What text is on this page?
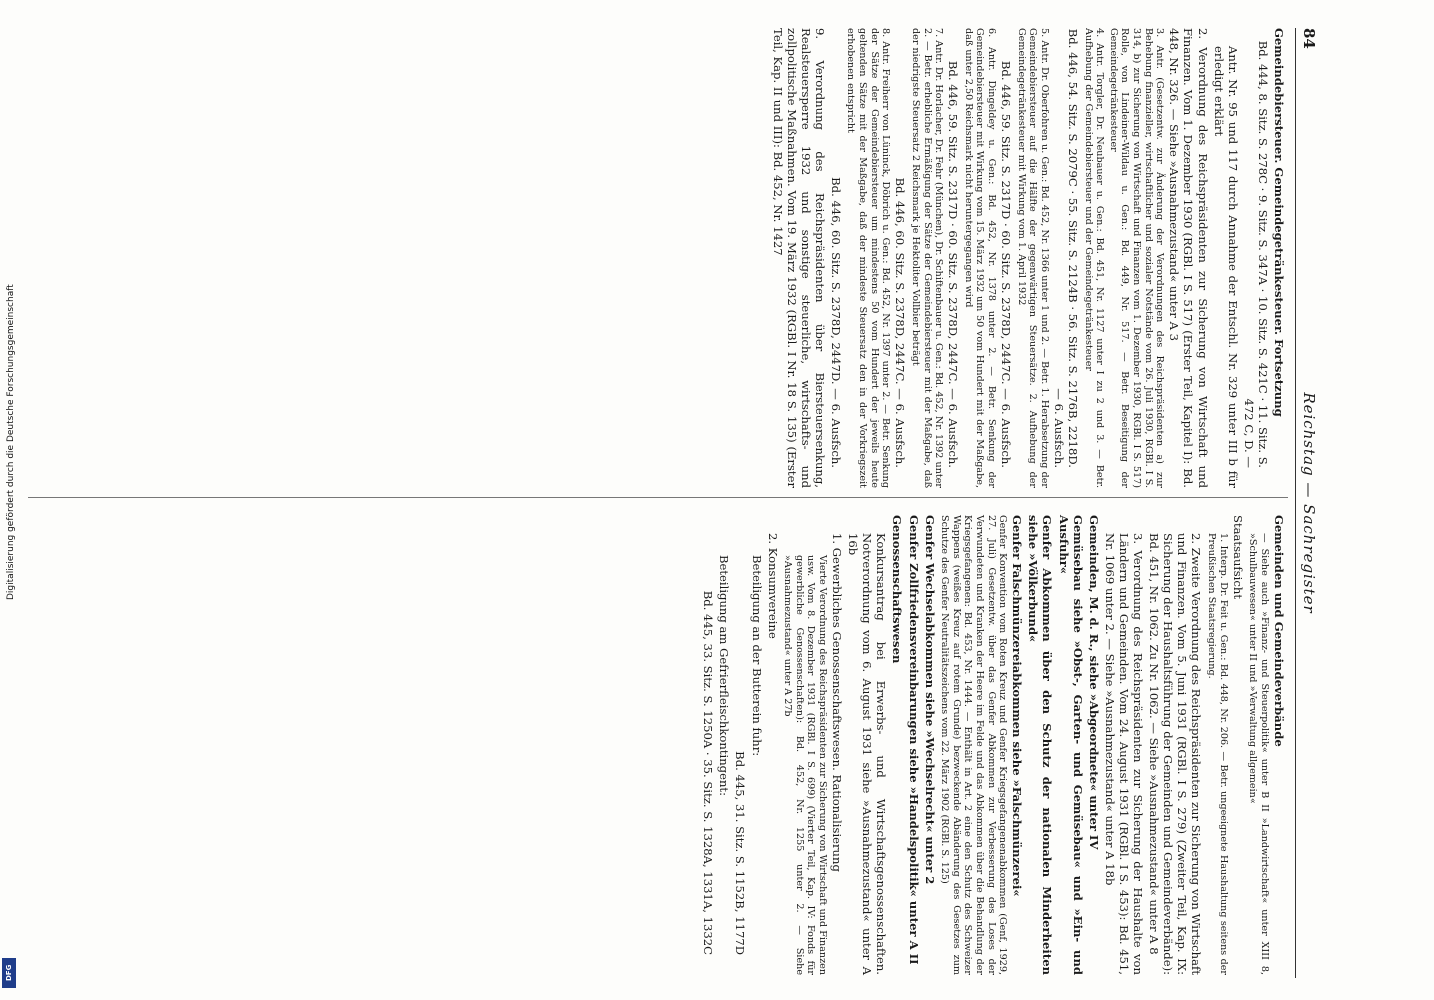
84
Reichstag — Sachregister

Gemeindebiersteuer. Gemeindegetränkesteuer. Fortsetzung

Bd. 444, 8. Sitz. S. 278C · 9. Sitz. S. 347A · 10. Sitz. S. 421C · 11. Sitz. S. 472 C, D. —

Antr. Nr. 95 und 117 durch Annahme der Entschl. Nr. 329 unter III b für erledigt erklärt

2. Verordnung des Reichspräsidenten zur Sicherung von Wirtschaft und Finanzen. Vom 1. Dezember 1930 (RGBl. I S. 517) (Erster Teil, Kapitel I): Bd. 448, Nr. 326. — Siehe »Ausnahmezustand« unter A 3

3. Antr. (Gesetzentw. zur Änderung der Verordnungen des Reichspräsidenten a) zur Behebung finanzieller, wirtschaftlicher und sozialer Notstände vom 26. Juli 1930, RGBl. I S. 314, b) zur Sicherung von Wirtschaft und Finanzen vom 1. Dezember 1930, RGBl. I S. 517) Rolle, von Lindeiner-Wildau u. Gen.: Bd. 449, Nr. 517. — Betr. Beseitigung der Gemeindegetränkesteuer

4. Antr. Torgler, Dr. Neubauer u. Gen.: Bd. 451, Nr. 1127 unter I zu 2 und 3. — Betr. Aufhebung der Gemeindebiersteuer und der Gemeindegetränkesteuer

Bd. 446, 54. Sitz. S. 2079C · 55. Sitz. S. 2124B · 56. Sitz. S. 2176B, 2218D. — 6. Ausfsch.

5. Antr. Dr. Oberfohren u. Gen.: Bd. 452, Nr. 1366 unter 1 und 2. — Betr. 1. Herabsetzung der Gemeindebiersteuer auf die Hälfte der gegenwärtigen Steuersätze. 2. Aufhebung der Gemeindegetränkesteuer mit Wirkung vom 1. April 1932

Bd. 446, 59. Sitz. S. 2317D · 60. Sitz. S. 2378D, 2447C. — 6. Ausfsch.

6. Antr. Dingeldey u. Gen.: Bd. 452, Nr. 1378 unter 2. — Betr. Senkung der Gemeindebiersteuer mit Wirkung vom 15. März 1932 um 50 vom Hundert mit der Maßgabe, daß unter 2,50 Reichsmark nicht heruntergegangen wird

Bd. 446, 59. Sitz. S. 2317D · 60. Sitz. S. 2378D, 2447C. — 6. Ausfsch.

7. Antr. Dr. Horlacher, Dr. Fehr (München), Dr. Schiftenbauer u. Gen.: Bd. 452, Nr. 1392 unter 2. — Betr. erhebliche Ermäßigung der Sätze der Gemeindebiersteuer mit der Maßgabe, daß der niedrigste Steuersatz 2 Reichsmark je Hektoliter Vollbier beträgt

Bd. 446, 60. Sitz. S. 2378D, 2447C. — 6. Ausfsch.

8. Antr. Freiherr von Lüninck, Döbrich u. Gen.: Bd. 452, Nr. 1397 unter 2. — Betr. Senkung der Sätze der Gemeindebiersteuer um mindestens 50 vom Hundert der jeweils heute geltenden Sätze mit der Maßgabe, daß der mindeste Steuersatz den in der Vorkriegszeit erhobenen entspricht

Bd. 446, 60. Sitz. S. 2378D, 2447D. — 6. Ausfsch.

9. Verordnung des Reichspräsidenten über Biersteuersenkung, Realsteuersperre 1932 und sonstige steuerliche, wirtschafts- und zollpolitische Maßnahmen. Vom 19. März 1932 (RGBl. I Nr. 18 S. 135) (Erster Teil, Kap. II und III): Bd. 452, Nr. 1427

Gemeinden und Gemeindeverbände

— Siehe auch »Finanz- und Steuerpolitik« unter B II »Landwirtschaft« unter XIII 8, »Schulbauwesen« unter II und »Verwaltung allgemein«

Staatsaufsicht

1. Interp. Dr. Feit u. Gen.: Bd. 448, Nr. 206. — Betr. ungeeignete Haushaltung seitens der Preußischen Staatsregierung.

2. Zweite Verordnung des Reichspräsidenten zur Sicherung von Wirtschaft und Finanzen. Vom 5. Juni 1931 (RGBl. I S. 279) (Zweiter Teil, Kap. IX: Sicherung der Haushaltsführung der Gemeinden und Gemeindeverbände): Bd. 451, Nr. 1062. Zu Nr. 1062. — Siehe »Ausnahmezustand« unter A 8

3. Verordnung des Reichspräsidenten zur Sicherung der Haushalte von Ländern und Gemeinden. Vom 24. August 1931 (RGBl. I S. 453): Bd. 451, Nr. 1069 unter 2. — Siehe »Ausnahmezustand« unter A 18b

Gemeinden, M. d. R., siehe »Abgeordnete« unter IV

Gemüsebau siehe »Obst-, Garten- und Gemüsebau« und »Ein- und Ausfuhr«

Genfer Abkommen über den Schutz der nationalen Minderheiten siehe »Völkerbund«

Genfer Falschmünzereiabkommen siehe »Falschmünzerei«

Genfer Konvention vom Roten Kreuz und Genfer Kriegsgefangenenabkommen (Genf, 1929, 27. Juli) Gesetzentw. über das Genfer Abkommen zur Verbesserung des Loses der Verwundeten und Kranken der Heere im Felde und das Abkommen über die Behandlung der Kriegsgefangenen: Bd. 453, Nr. 1444. — Enthält in Art. 2 eine den Schutz des Schweizer Wappens (weißes Kreuz auf rotem Grunde) bezweckende Abänderung des Gesetzes zum Schutze des Genfer Neutralitätszeichens vom 22. März 1902 (RGBl. S. 125)

Genfer Wechselabkommen siehe »Wechselrecht« unter 2

Genfer Zollfriedensvereinbarungen siehe »Handelspolitik« unter A II

Genossenschaftswesen

Konkursantrag bei Erwerbs- und Wirtschaftsgenossenschaften. Notverordnung vom 6. August 1931 siehe »Ausnahmezustand« unter A 16b

1. Gewerbliches Genossenschaftswesen. Rationalisierung

Vierte Verordnung des Reichspräsidenten zur Sicherung von Wirtschaft und Finanzen usw. Vom 8. Dezember 1931 (RGBl. I S. 699) (Vierter Teil, Kap. IV: Fonds für gewerbliche Genossenschaften): Bd. 452, Nr. 1255 unter 2. — Siehe »Ausnahmezustand« unter A 27b

2. Konsumvereine

Beteiligung an der Butterein fuhr:

Bd. 445, 31. Sitz. S. 1152B, 1177D

Beteiligung am Gefrierfleischkontingent:

Bd. 445, 33. Sitz. S. 1250A · 35. Sitz. S. 1328A, 1331A, 1332C

Digitalisierung gefördert durch die Deutsche Forschungsgemeinschaft
DFG
